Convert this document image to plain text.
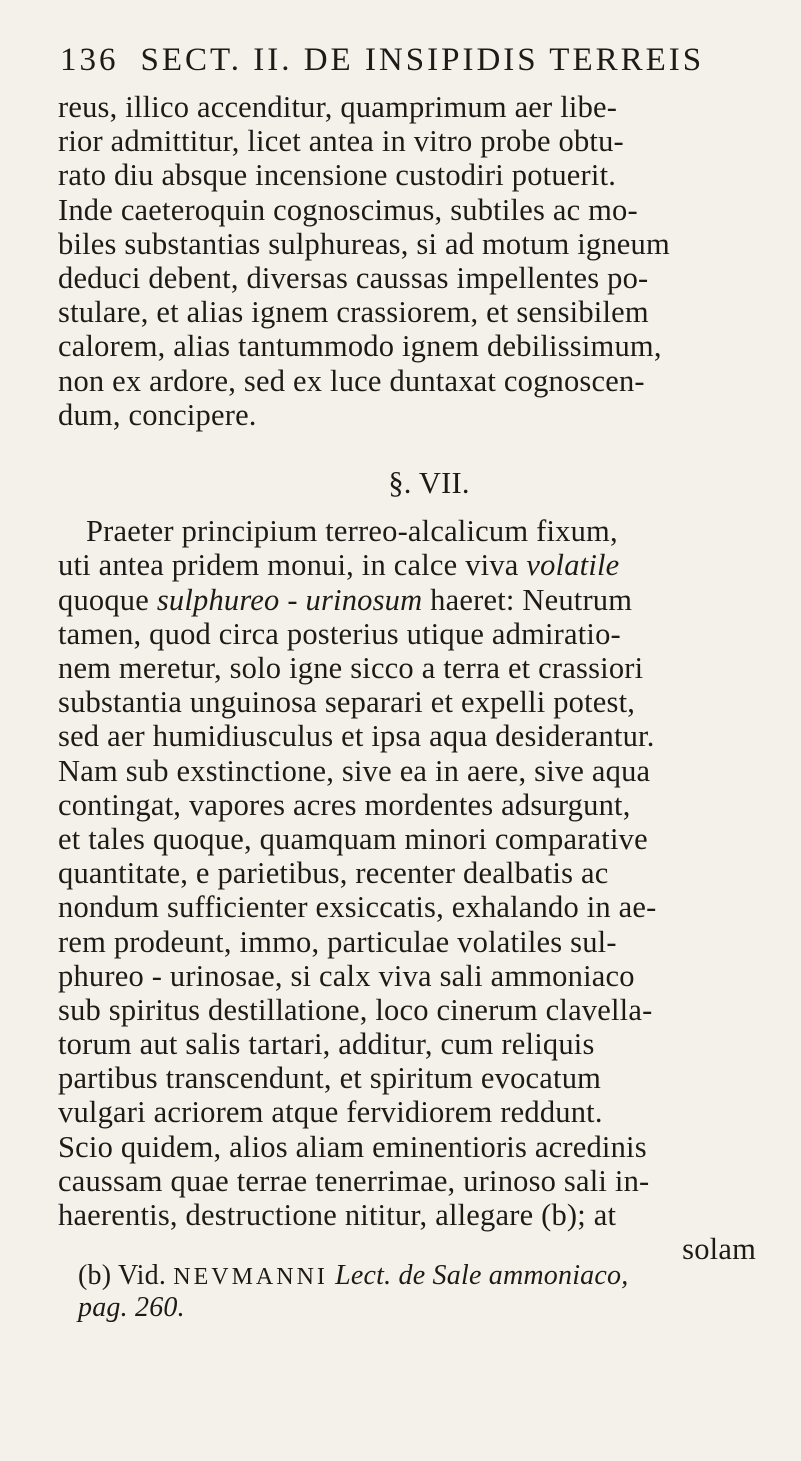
136 SECT. II. DE INSIPIDIS TERREIS
reus, illico accenditur, quamprimum aer libe-
rior admittitur, licet antea in vitro probe obtu-
rato diu absque incensione custodiri potuerit.
Inde caeteroquin cognoscimus, subtiles ac mo-
biles substantias sulphureas, si ad motum igneum
deduci debent, diversas caussas impellentes po-
stulare, et alias ignem crassiorem, et sensibilem
calorem, alias tantummodo ignem debilissimum,
non ex ardore, sed ex luce duntaxat cognoscen-
dum, concipere.
§. VII.
Praeter principium terreo-alcalicum fixum,
uti antea pridem monui, in calce viva volatile
quoque sulphureo - urinosum haeret: Neutrum
tamen, quod circa posterius utique admiratio-
nem meretur, solo igne sicco a terra et crassiori
substantia unguinosa separari et expelli potest,
sed aer humidiusculus et ipsa aqua desiderantur.
Nam sub exstinctione, sive ea in aere, sive aqua
contingat, vapores acres mordentes adsurgunt,
et tales quoque, quamquam minori comparative
quantitate, e parietibus, recenter dealbatis ac
nondum sufficienter exsiccatis, exhalando in ae-
rem prodeunt, immo, particulae volatiles sul-
phureo - urinosae, si calx viva sali ammoniaco
sub spiritus destillatione, loco cinerum clavella-
torum aut salis tartari, additur, cum reliquis
partibus transcendunt, et spiritum evocatum
vulgari acriorem atque fervidiorem reddunt.
Scio quidem, alios aliam eminentioris acredinis
caussam quae terrae tenerrimae, urinoso sali in-
haerentis, destructione nititur, allegare (b); at
solam
(b) Vid. NEVMANNI Lect. de Sale ammoniaco,
pag. 260.
